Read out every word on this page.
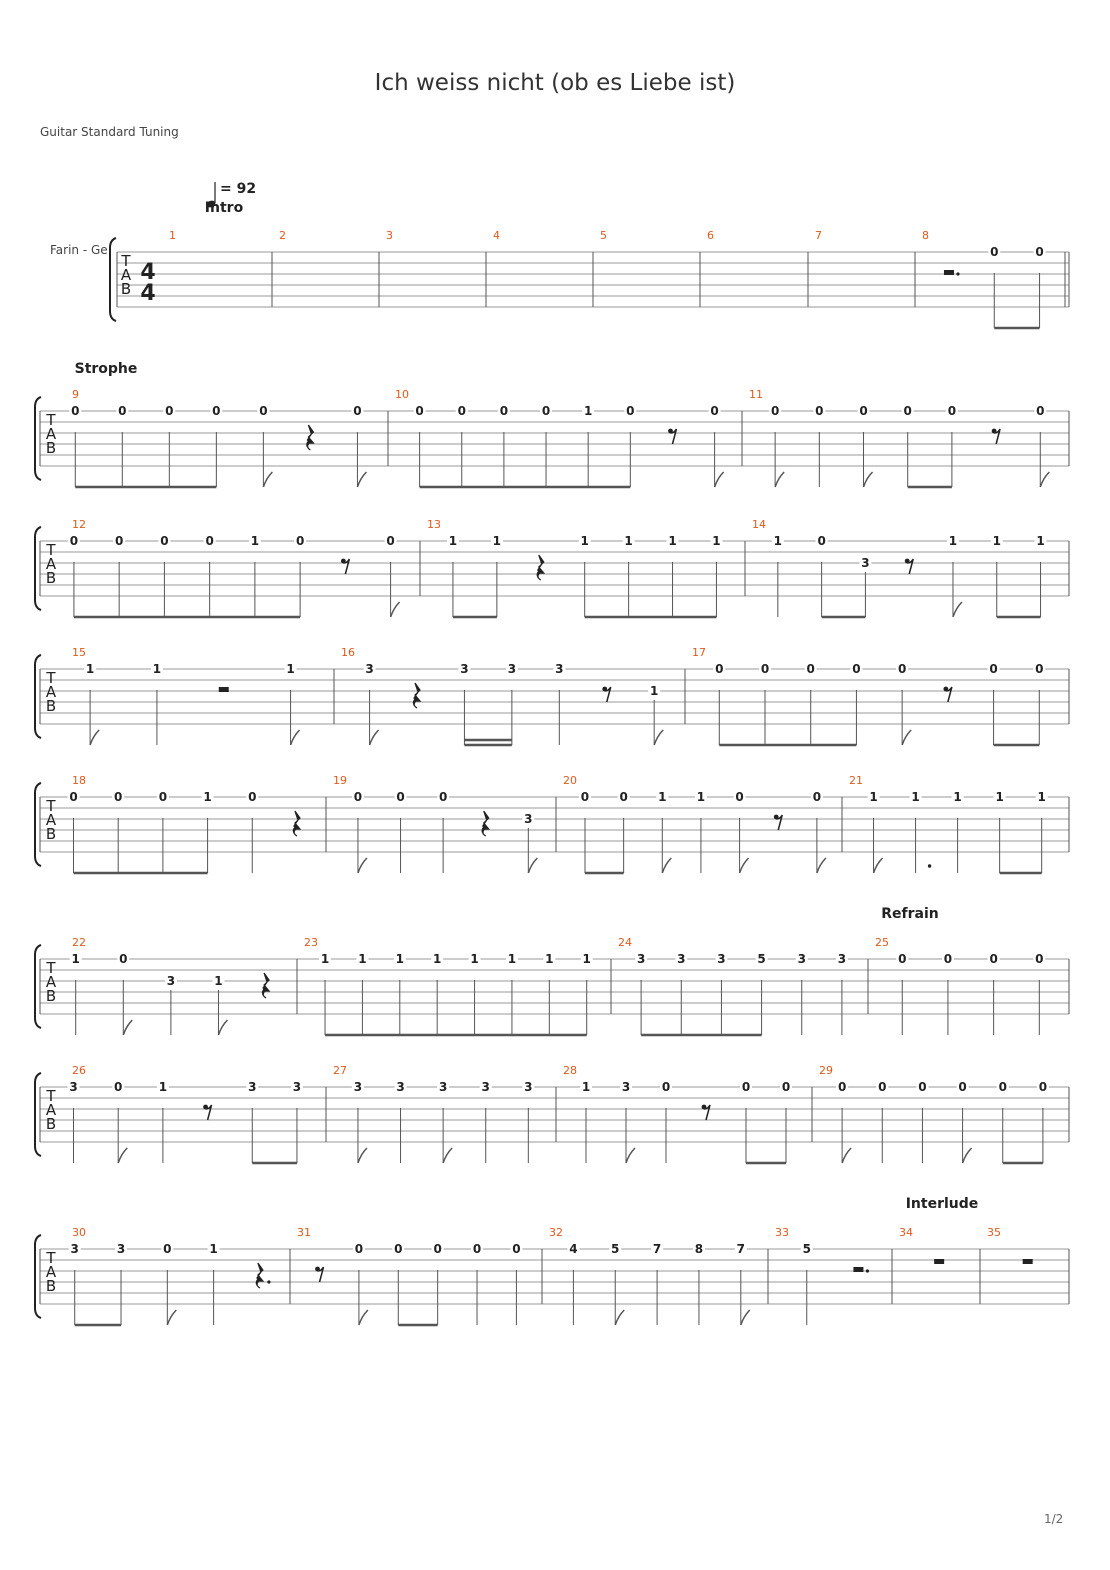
Ich weiss nicht (ob es Liebe ist)
Guitar Standard Tuning
1/2
T
A
B
4
4
Farin - Ge
= 92
1
Intro
2	3	4	5	6	7	8
0	0
T
A
B
9
Strophe
0	0	0	0	0	0
10
0	0	0	0	1	0	0
11
0	0	0	0	0	0
T
A
B
12
0	0	0	0	1	0	0
13
1	1	1	1	1	1
14
1	0
3
1	1	1
T
A
B
15
1	1	1
16
3	3	3	3
1
17
0	0	0	0	0	0	0
T
A
B
18
0	0	0	1	0
19
0	0	0
3
20
0	0	1	1	0	0
21
1	1	1	1	1
T
A
B
22
1	0
3	1
23
1 1 1 1 1 1 1 1
24
3	3	3	5	3	3
25
Refrain
0	0	0	0
T
A
B
26
3	0	1	3	3
27
3	3	3	3	3
28
1	3	0	0	0
29
0	0	0	0	0	0
T
A
B
30
3	3	0	1
31
0	0	0	0	0
32
4	5	7	8	7
33
5
34
Interlude
35
